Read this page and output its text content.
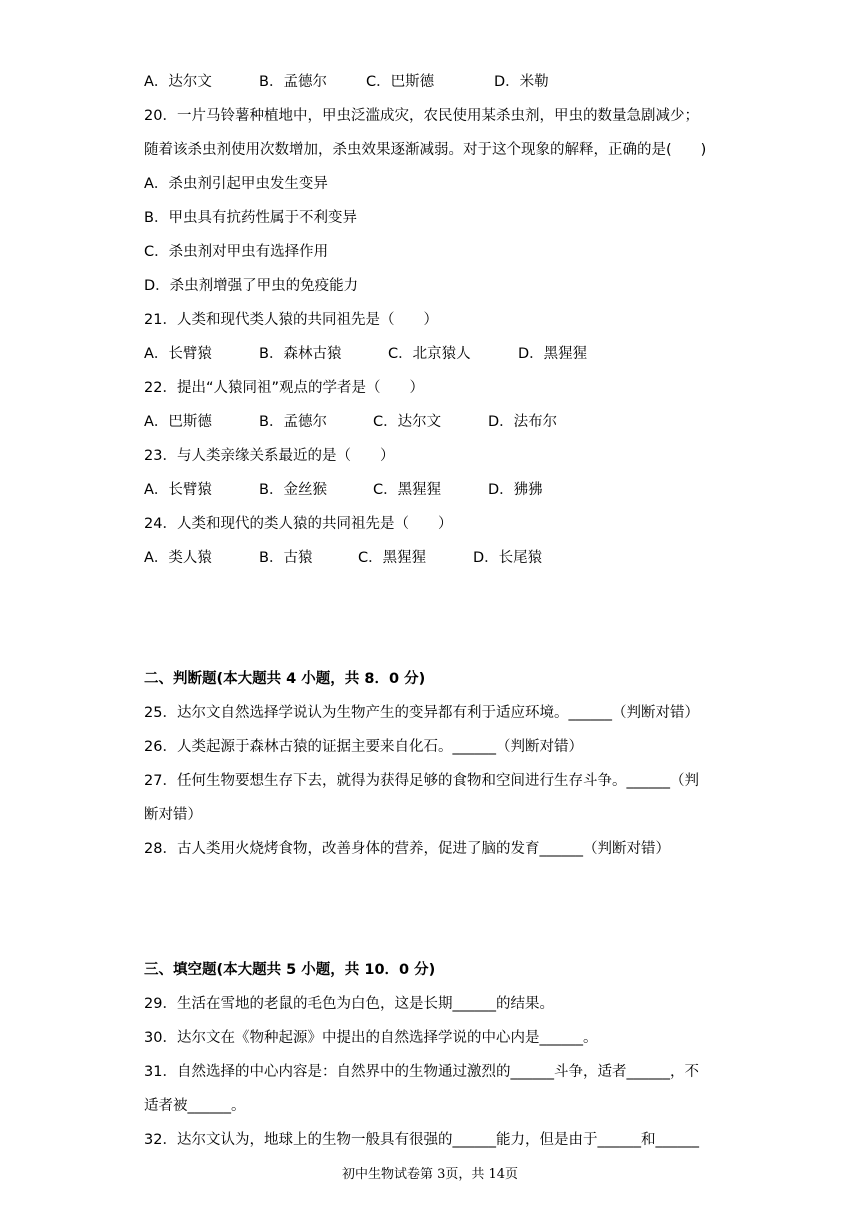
A．达尔文	B．孟德尔	C．巴斯德	D．米勒
20．一片马铃薯种植地中，甲虫泛滥成灾，农民使用某杀虫剂，甲虫的数量急剧减少；
随着该杀虫剂使用次数增加，杀虫效果逐渐减弱。对于这个现象的解释，正确的是(　　)
A．杀虫剂引起甲虫发生变异
B．甲虫具有抗药性属于不利变异
C．杀虫剂对甲虫有选择作用
D．杀虫剂增强了甲虫的免疫能力
21．人类和现代类人猿的共同祖先是（　　）
A．长臂猿	B．森林古猿	C．北京猿人	D．黑猩猩
22．提出“人猿同祖”观点的学者是（　　）
A．巴斯德	B．孟德尔	C．达尔文	D．法布尔
23．与人类亲缘关系最近的是（　　）
A．长臂猿	B．金丝猴	C．黑猩猩	D．狒狒
24．人类和现代的类人猿的共同祖先是（　　）
A．类人猿	B．古猿	C．黑猩猩	D．长尾猿
二、判断题(本大题共 4 小题，共 8．0 分)
25．达尔文自然选择学说认为生物产生的变异都有利于适应环境。______（判断对错）
26．人类起源于森林古猿的证据主要来自化石。______（判断对错）
27．任何生物要想生存下去，就得为获得足够的食物和空间进行生存斗争。______（判
断对错）
28．古人类用火烧烤食物，改善身体的营养，促进了脑的发育______（判断对错）
三、填空题(本大题共 5 小题，共 10．0 分)
29．生活在雪地的老鼠的毛色为白色，这是长期______的结果。
30．达尔文在《物种起源》中提出的自然选择学说的中心内是______。
31．自然选择的中心内容是：自然界中的生物通过激烈的______斗争，适者______，不
适者被______。
32．达尔文认为，地球上的生物一般具有很强的______能力，但是由于______和______
初中生物试卷第 3页，共 14页
